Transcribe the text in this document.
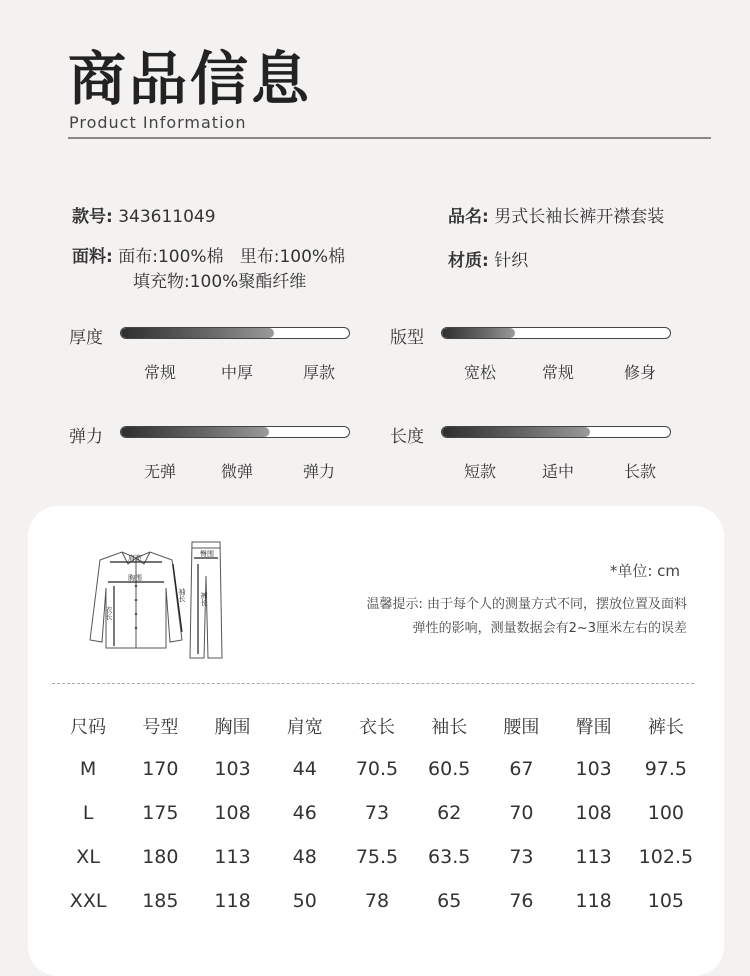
商品信息
Product Information
款号: 343611049	品名: 男式长袖长裤开襟套装
面料: 面布:100%棉   里布:100%棉
填充物:100%聚酯纤维
材质: 针织
厚度
常规	中厚	厚款
版型
宽松	常规	修身
弹力
无弹	微弹	弹力
长度
短款	适中	长款
肩宽
胸围
衣长
袖长
臀围
裤长
*单位: cm
温馨提示: 由于每个人的测量方式不同，摆放位置及面料
弹性的影响，测量数据会有2~3厘米左右的误差
尺码	号型	胸围	肩宽	衣长	袖长	腰围	臀围	裤长
M	170	103	44	70.5	60.5	67	103	97.5
L	175	108	46	73	62	70	108	100
XL	180	113	48	75.5	63.5	73	113	102.5
XXL	185	118	50	78	65	76	118	105
